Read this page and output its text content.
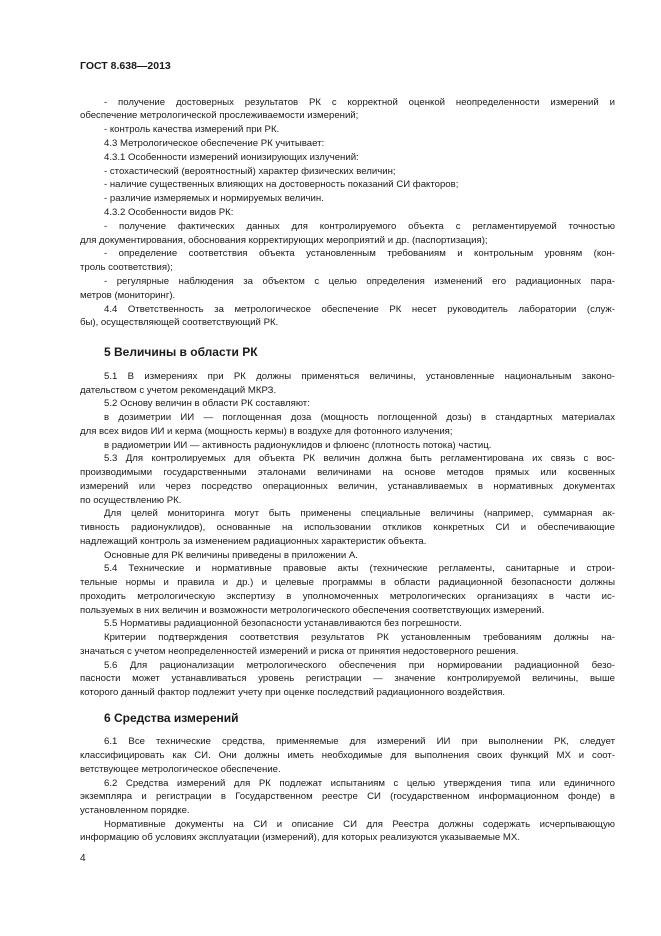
ГОСТ 8.638—2013
- получение достоверных результатов РК с корректной оценкой неопределенности измерений и
обеспечение метрологической прослеживаемости измерений;
- контроль качества измерений при РК.
4.3 Метрологическое обеспечение РК учитывает:
4.3.1 Особенности измерений ионизирующих излучений:
- стохастический (вероятностный) характер физических величин;
- наличие существенных влияющих на достоверность показаний СИ факторов;
- различие измеряемых и нормируемых величин.
4.3.2 Особенности видов РК:
- получение фактических данных для контролируемого объекта с регламентируемой точностью
для документирования, обоснования корректирующих мероприятий и др. (паспортизация);
- определение соответствия объекта установленным требованиям и контрольным уровням (кон-
троль соответствия);
- регулярные наблюдения за объектом с целью определения изменений его радиационных пара-
метров (мониторинг).
4.4 Ответственность за метрологическое обеспечение РК несет руководитель лаборатории (служ-
бы), осуществляющей соответствующий РК.
5 Величины в области РК
5.1 В измерениях при РК должны применяться величины, установленные национальным законо-
дательством с учетом рекомендаций МКРЗ.
5.2 Основу величин в области РК составляют:
в дозиметрии ИИ — поглощенная доза (мощность поглощенной дозы) в стандартных материалах
для всех видов ИИ и керма (мощность кермы) в воздухе для фотонного излучения;
в радиометрии ИИ — активность радионуклидов и флюенс (плотность потока) частиц.
5.3 Для контролируемых для объекта РК величин должна быть регламентирована их связь с вос-
производимыми государственными эталонами величинами на основе методов прямых или косвенных
измерений или через посредство операционных величин, устанавливаемых в нормативных документах
по осуществлению РК.
Для целей мониторинга могут быть применены специальные величины (например, суммарная ак-
тивность радионуклидов), основанные на использовании откликов конкретных СИ и обеспечивающие
надлежащий контроль за изменением радиационных характеристик объекта.
Основные для РК величины приведены в приложении А.
5.4 Технические и нормативные правовые акты (технические регламенты, санитарные и строи-
тельные нормы и правила и др.) и целевые программы в области радиационной безопасности должны
проходить метрологическую экспертизу в уполномоченных метрологических организациях в части ис-
пользуемых в них величин и возможности метрологического обеспечения соответствующих измерений.
5.5 Нормативы радиационной безопасности устанавливаются без погрешности.
Критерии подтверждения соответствия результатов РК установленным требованиям должны на-
значаться с учетом неопределенностей измерений и риска от принятия недостоверного решения.
5.6 Для рационализации метрологического обеспечения при нормировании радиационной безо-
пасности может устанавливаться уровень регистрации — значение контролируемой величины, выше
которого данный фактор подлежит учету при оценке последствий радиационного воздействия.
6 Средства измерений
6.1 Все технические средства, применяемые для измерений ИИ при выполнении РК, следует
классифицировать как СИ. Они должны иметь необходимые для выполнения своих функций МХ и соот-
ветствующее метрологическое обеспечение.
6.2 Средства измерений для РК подлежат испытаниям с целью утверждения типа или единичного
экземпляра и регистрации в Государственном реестре СИ (государственном информационном фонде) в
установленном порядке.
Нормативные документы на СИ и описание СИ для Реестра должны содержать исчерпывающую
информацию об условиях эксплуатации (измерений), для которых реализуются указываемые МХ.
4
